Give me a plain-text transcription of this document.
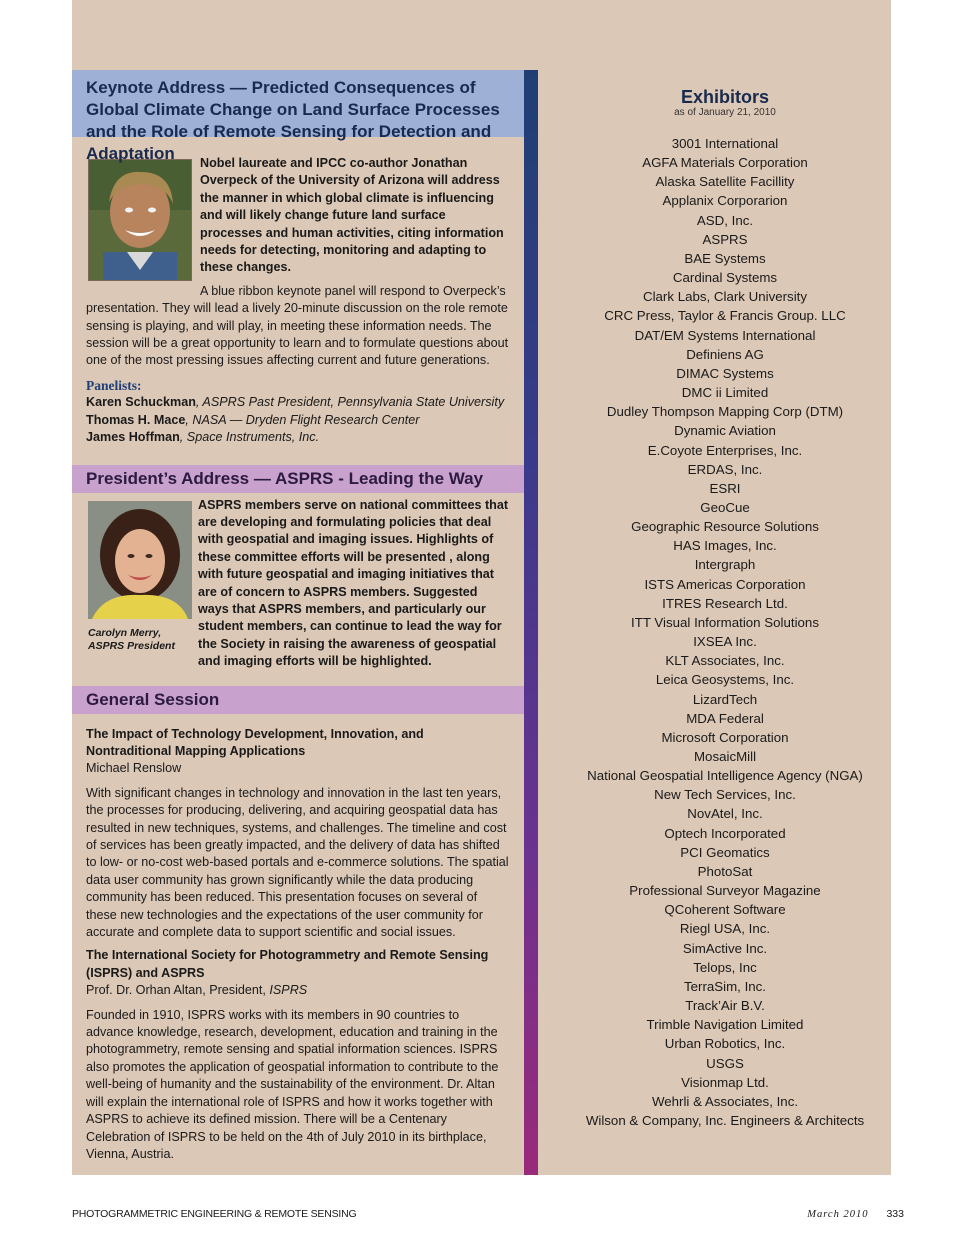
Keynote Address — Predicted Consequences of Global Climate Change on Land Surface Processes and the Role of Remote Sensing for Detection and Adaptation	Nobel laureate and IPCC co-author Jonathan Overpeck of the University of Arizona will address the manner in which global climate is influencing and will likely change future land surface processes and human activities, citing information needs for detecting, monitoring and adapting to these changes.

A blue ribbon keynote panel will respond to Overpeck’s presentation. They will lead a lively 20-minute discussion on the role remote sensing is playing, and will play, in meeting these information needs. The session will be a great opportunity to learn and to formulate questions about one of the most pressing issues affecting current and future generations.

Panelists:
Karen Schuckman, ASPRS Past President, Pennsylvania State University
Thomas H. Mace, NASA — Dryden Flight Research Center
James Hoffman, Space Instruments, Inc.
President’s Address — ASPRS - Leading the Way
Carolyn Merry,
ASPRS President

ASPRS members serve on national committees that are developing and formulating policies that deal with geospatial and imaging issues. Highlights of these committee efforts will be presented , along with future geospatial and imaging initiatives that are of concern to ASPRS members. Suggested ways that ASPRS members, and particularly our student members, can continue to lead the way for the Society in raising the awareness of geospatial and imaging efforts will be highlighted.

General Session
The Impact of Technology Development, Innovation, and Nontraditional Mapping Applications
Michael Renslow

With significant changes in technology and innovation in the last ten years, the processes for producing, delivering, and acquiring geospatial data has resulted in new techniques, systems, and challenges. The timeline and cost of services has been greatly impacted, and the delivery of data has shifted to low- or no-cost web-based portals and e-commerce solutions. The spatial data user community has grown significantly while the data producing community has been reduced. This presentation focuses on several of these new technologies and the expectations of the user community for accurate and complete data to support scientific and social issues.

The International Society for Photogrammetry and Remote Sensing (ISPRS) and ASPRS
Prof. Dr. Orhan Altan, President, ISPRS

Founded in 1910, ISPRS works with its members in 90 countries to advance knowledge, research, development, education and training in the photogrammetry, remote sensing and spatial information sciences. ISPRS also promotes the application of geospatial information to contribute to the well-being of humanity and the sustainability of the environment. Dr. Altan will explain the international role of ISPRS and how it works together with ASPRS to achieve its defined mission. There will be a Centenary Celebration of ISPRS to be held on the 4th of July 2010 in its birthplace, Vienna, Austria.

Exhibitors
as of January 21, 2010
3001 International
AGFA Materials Corporation
Alaska Satellite Facillity
Applanix Corporarion
ASD, Inc.
ASPRS
BAE Systems
Cardinal Systems
Clark Labs, Clark University
CRC Press, Taylor & Francis Group. LLC
DAT/EM Systems International
Definiens AG
DIMAC Systems
DMC ii Limited
Dudley Thompson Mapping Corp (DTM)
Dynamic Aviation
E.Coyote Enterprises, Inc.
ERDAS, Inc.
ESRI
GeoCue
Geographic Resource Solutions
HAS Images, Inc.
Intergraph
ISTS Americas Corporation
ITRES Research Ltd.
ITT Visual Information Solutions
IXSEA Inc.
KLT Associates, Inc.
Leica Geosystems, Inc.
LizardTech
MDA Federal
Microsoft Corporation
MosaicMill
National Geospatial Intelligence Agency (NGA)
New Tech Services, Inc.
NovAtel, Inc.
Optech Incorporated
PCI Geomatics
PhotoSat
Professional Surveyor Magazine
QCoherent Software
Riegl USA, Inc.
SimActive Inc.
Telops, Inc
TerraSim, Inc.
Track’Air B.V.
Trimble Navigation Limited
Urban Robotics, Inc.
USGS
Visionmap Ltd.
Wehrli & Associates, Inc.
Wilson & Company, Inc. Engineers & Architects
PHOTOGRAMMETRIC ENGINEERING & REMOTE SENSING	March 2010 333
